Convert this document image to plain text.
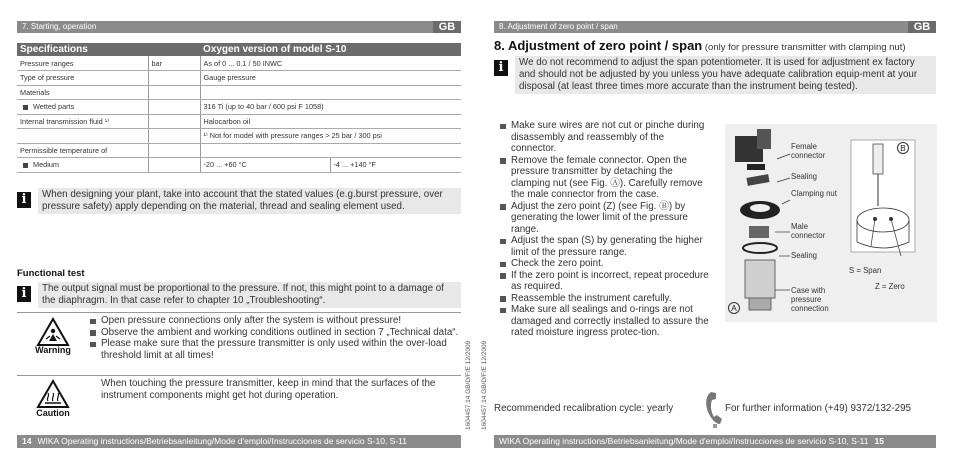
7. Starting, operation	GB
Specifications		Oxygen version of model S-10	
Pressure ranges	bar	As of 0 ... 0.1 / 50 INWC	
Type of pressure		Gauge pressure	
Materials			
Wetted parts		316 Ti (up to 40 bar / 600 psi F 1058)	
Internal transmission fluid ¹⁾		Halocarbon oil	
		¹⁾ Not for model with pressure ranges > 25 bar / 300 psi	
Permissible temperature of			
Medium		-20 ... +60 °C	-4 ... +140 °F
i	When designing your plant, take into account that the stated values (e.g.burst pressure, over pressure safety) apply depending on the material, thread and sealing element used.
Functional test
i	The output signal must be proportional to the pressure. If not, this might point to a damage of the diaphragm. In that case refer to chapter 10 „Troubleshooting“.
Warning
Open pressure connections only after the system is without pressure!
Observe the ambient and working conditions outlined in section 7 „Technical data“.
Please make sure that the pressure transmitter is only used within the over-load threshold limit at all times!
Caution
When touching the pressure transmitter, keep in mind that the surfaces of the instrument components might get hot during operation.
14 WIKA Operating instructions/Betriebsanleitung/Mode d'emploi/Instrucciones de servicio S-10, S-11
1604457.14 GB/D/F/E 12/2009 1604457.14 GB/D/F/E 12/2009
8. Adjustment of zero point / span	GB
8. Adjustment of zero point / span (only for pressure transmitter with clamping nut)
i	We do not recommend to adjust the span potentiometer. It is used for adjustment ex factory and should not be adjusted by you unless you have adequate calibration equip-ment at your disposal (at least three times more accurate than the instrument being tested).
Make sure wires are not cut or pinche during disassembly and reassembly of the connector.
Remove the female connector. Open the pressure transmitter by detaching the clamping nut (see Fig. Ⓐ). Carefully remove the male connector from the case.
Adjust the zero point (Z) (see Fig. Ⓑ) by generating the lower limit of the pressure range.
Adjust the span (S) by generating the higher limit of the pressure range.
Check the zero point.
If the zero point is incorrect, repeat procedure as required.
Reassemble the instrument carefully.
Make sure all sealings and o-rings are not damaged and correctly installed to assure the rated moisture ingress protec-tion.
Female connector
Sealing
Clamping nut
Male connector
Sealing
Case with pressure connection
S = Span
Z = Zero
A
B
Recommended recalibration cycle: yearly	For further information (+49) 9372/132-295
WIKA Operating instructions/Betriebsanleitung/Mode d'emploi/Instrucciones de servicio S-10, S-11 15
